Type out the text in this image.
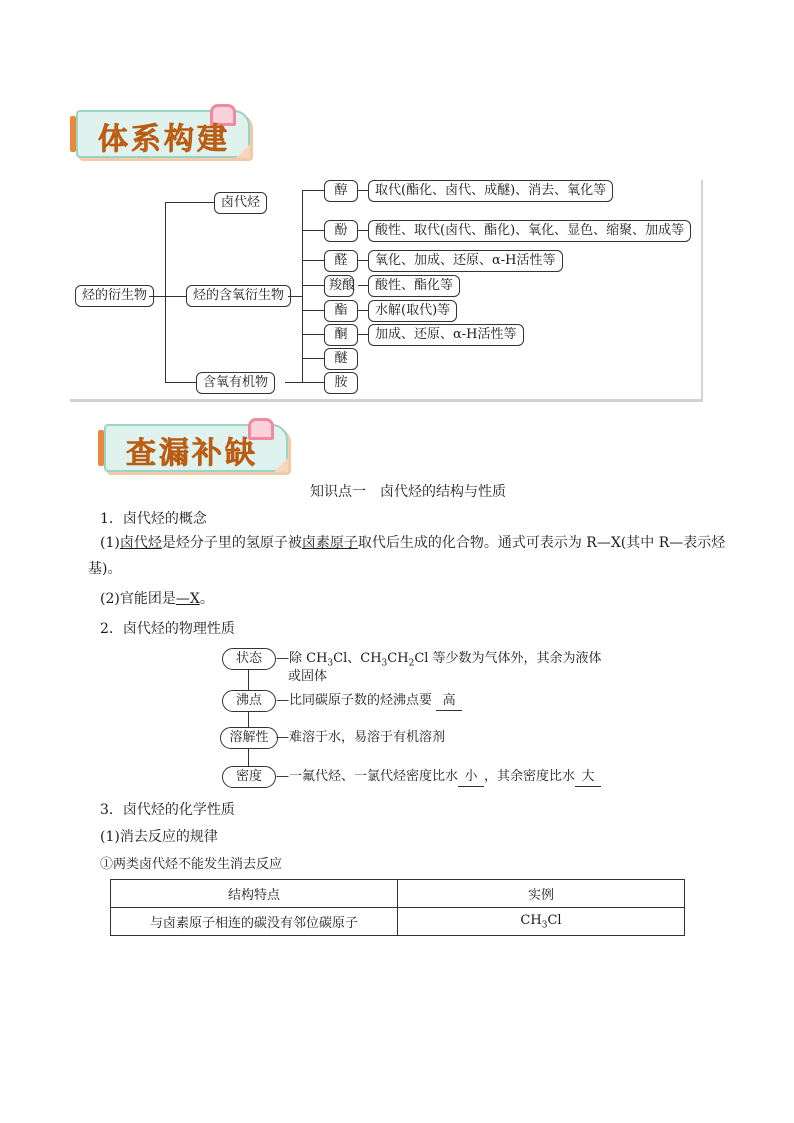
体系构建
烃的衍生物
卤代烃
烃的含氧衍生物
含氧有机物
醇
酚
醛
羧酸
酯
酮
醚
胺
取代(酯化、卤代、成醚)、消去、氧化等
酸性、取代(卤代、酯化)、氧化、显色、缩聚、加成等
氧化、加成、还原、α-H活性等
酸性、酯化等
水解(取代)等
加成、还原、α-H活性等
查漏补缺
知识点一　卤代烃的结构与性质
1．卤代烃的概念
(1)卤代烃是烃分子里的氢原子被卤素原子取代后生成的化合物。通式可表示为 R—X(其中 R—表示烃
基)。
(2)官能团是—X。
2．卤代烃的物理性质
状态
沸点
溶解性
密度
—除 $CH_3Cl$、$CH_3CH_2Cl$ 等少数为气体外，其余为液体
或固体
—比同碳原子数的烃沸点要 高
—难溶于水，易溶于有机溶剂
—一氟代烃、一氯代烃密度比水 小 ，其余密度比水 大
3．卤代烃的化学性质
(1)消去反应的规律
①两类卤代烃不能发生消去反应
结构特点	实例
与卤素原子相连的碳没有邻位碳原子	$CH_3Cl$
